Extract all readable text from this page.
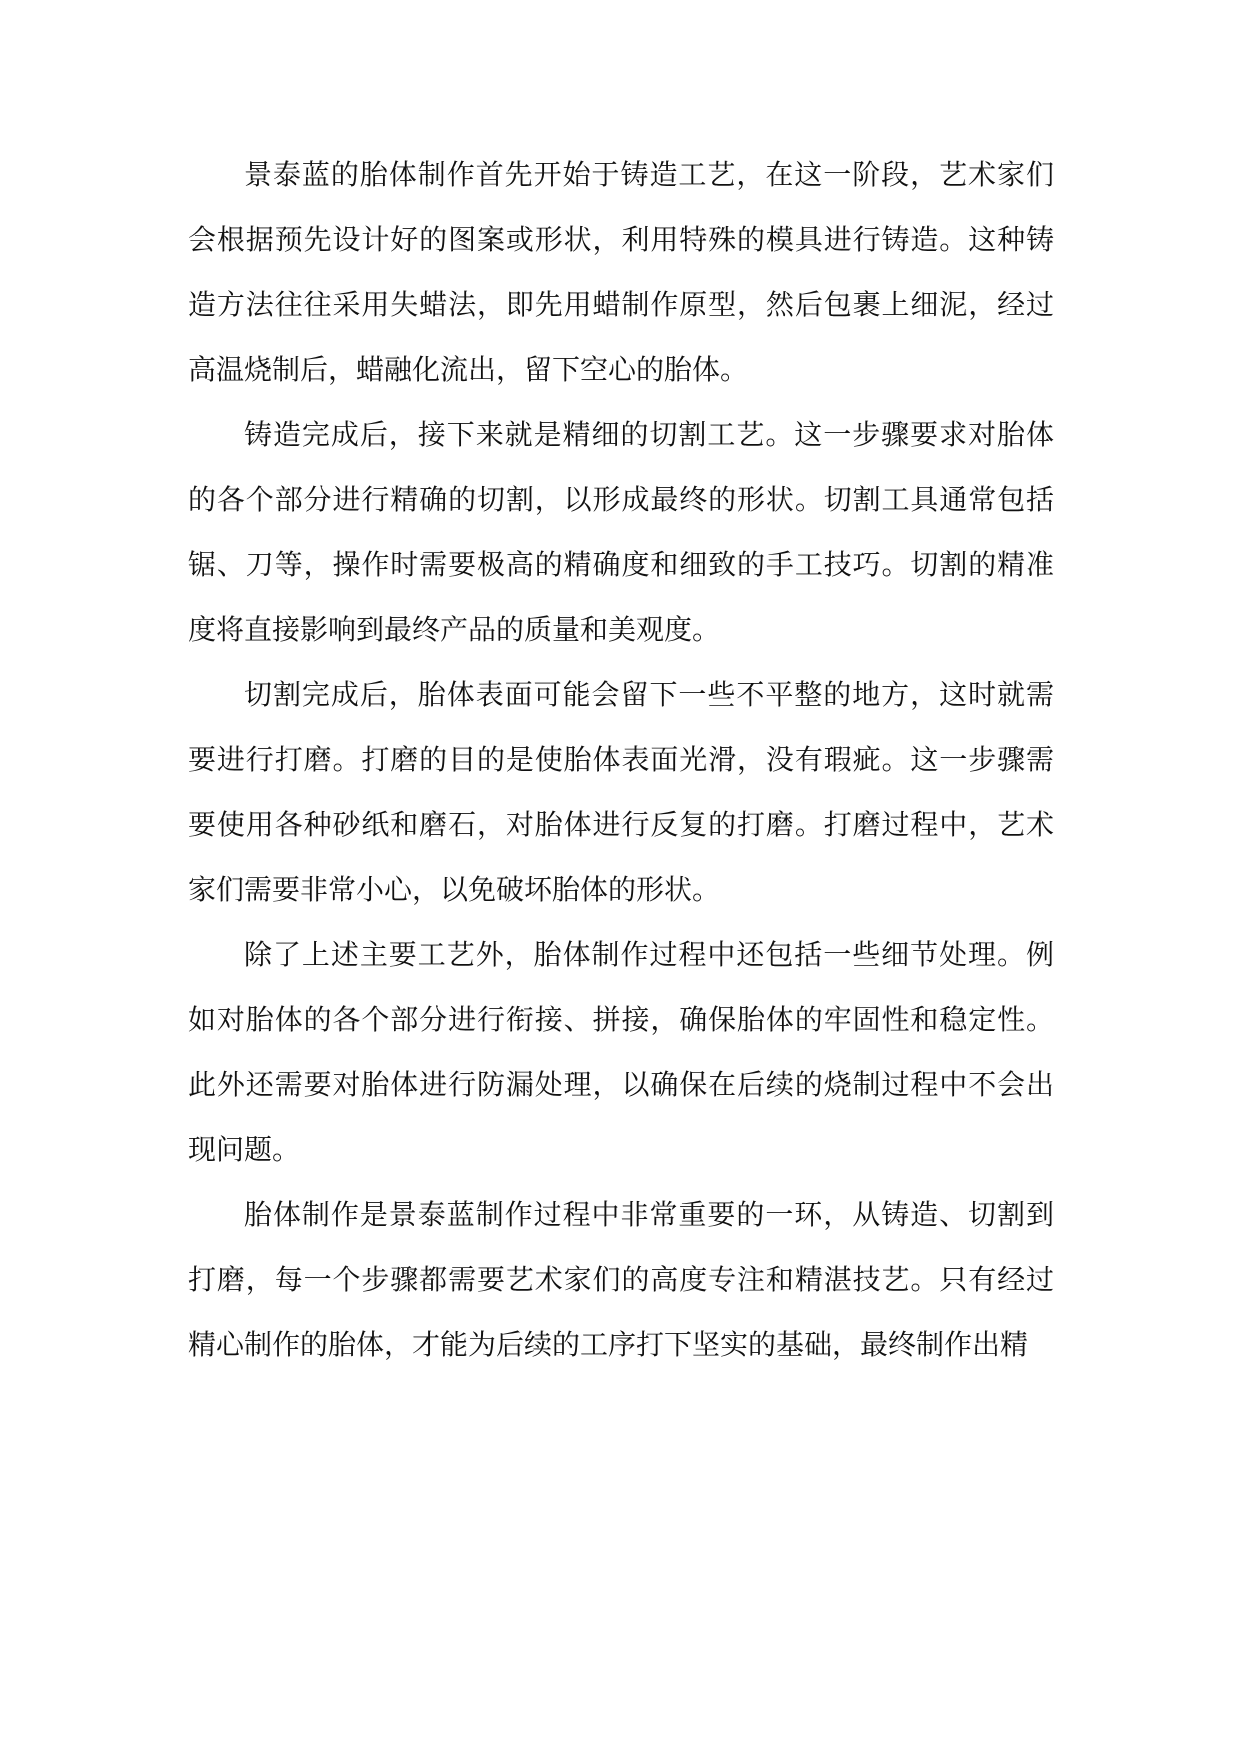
景泰蓝的胎体制作首先开始于铸造工艺，在这一阶段，艺术家们会根据预先设计好的图案或形状，利用特殊的模具进行铸造。这种铸造方法往往采用失蜡法，即先用蜡制作原型，然后包裹上细泥，经过高温烧制后，蜡融化流出，留下空心的胎体。

铸造完成后，接下来就是精细的切割工艺。这一步骤要求对胎体的各个部分进行精确的切割，以形成最终的形状。切割工具通常包括锯、刀等，操作时需要极高的精确度和细致的手工技巧。切割的精准度将直接影响到最终产品的质量和美观度。

切割完成后，胎体表面可能会留下一些不平整的地方，这时就需要进行打磨。打磨的目的是使胎体表面光滑，没有瑕疵。这一步骤需要使用各种砂纸和磨石，对胎体进行反复的打磨。打磨过程中，艺术家们需要非常小心，以免破坏胎体的形状。

除了上述主要工艺外，胎体制作过程中还包括一些细节处理。例如对胎体的各个部分进行衔接、拼接，确保胎体的牢固性和稳定性。此外还需要对胎体进行防漏处理，以确保在后续的烧制过程中不会出现问题。

胎体制作是景泰蓝制作过程中非常重要的一环，从铸造、切割到打磨，每一个步骤都需要艺术家们的高度专注和精湛技艺。只有经过精心制作的胎体，才能为后续的工序打下坚实的基础，最终制作出精
